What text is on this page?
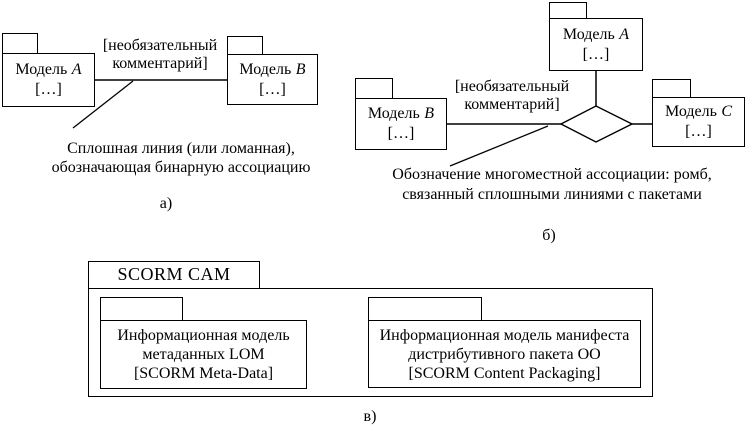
Модель A
[…]
Модель B
[…]
[необязательный
комментарий]
Сплошная линия (или ломанная),
обозначающая бинарную ассоциацию
а)
Модель A
[…]
Модель B
[…]
Модель C
[…]
[необязательный
комментарий]
Обозначение многоместной ассоциации: ромб,
связанный сплошными линиями с пакетами
б)
SCORM CAM
Информационная модель
метаданных LOM
[SCORM Meta-Data]
Информационная модель манифеста
дистрибутивного пакета ОО
[SCORM Content Packaging]
в)
